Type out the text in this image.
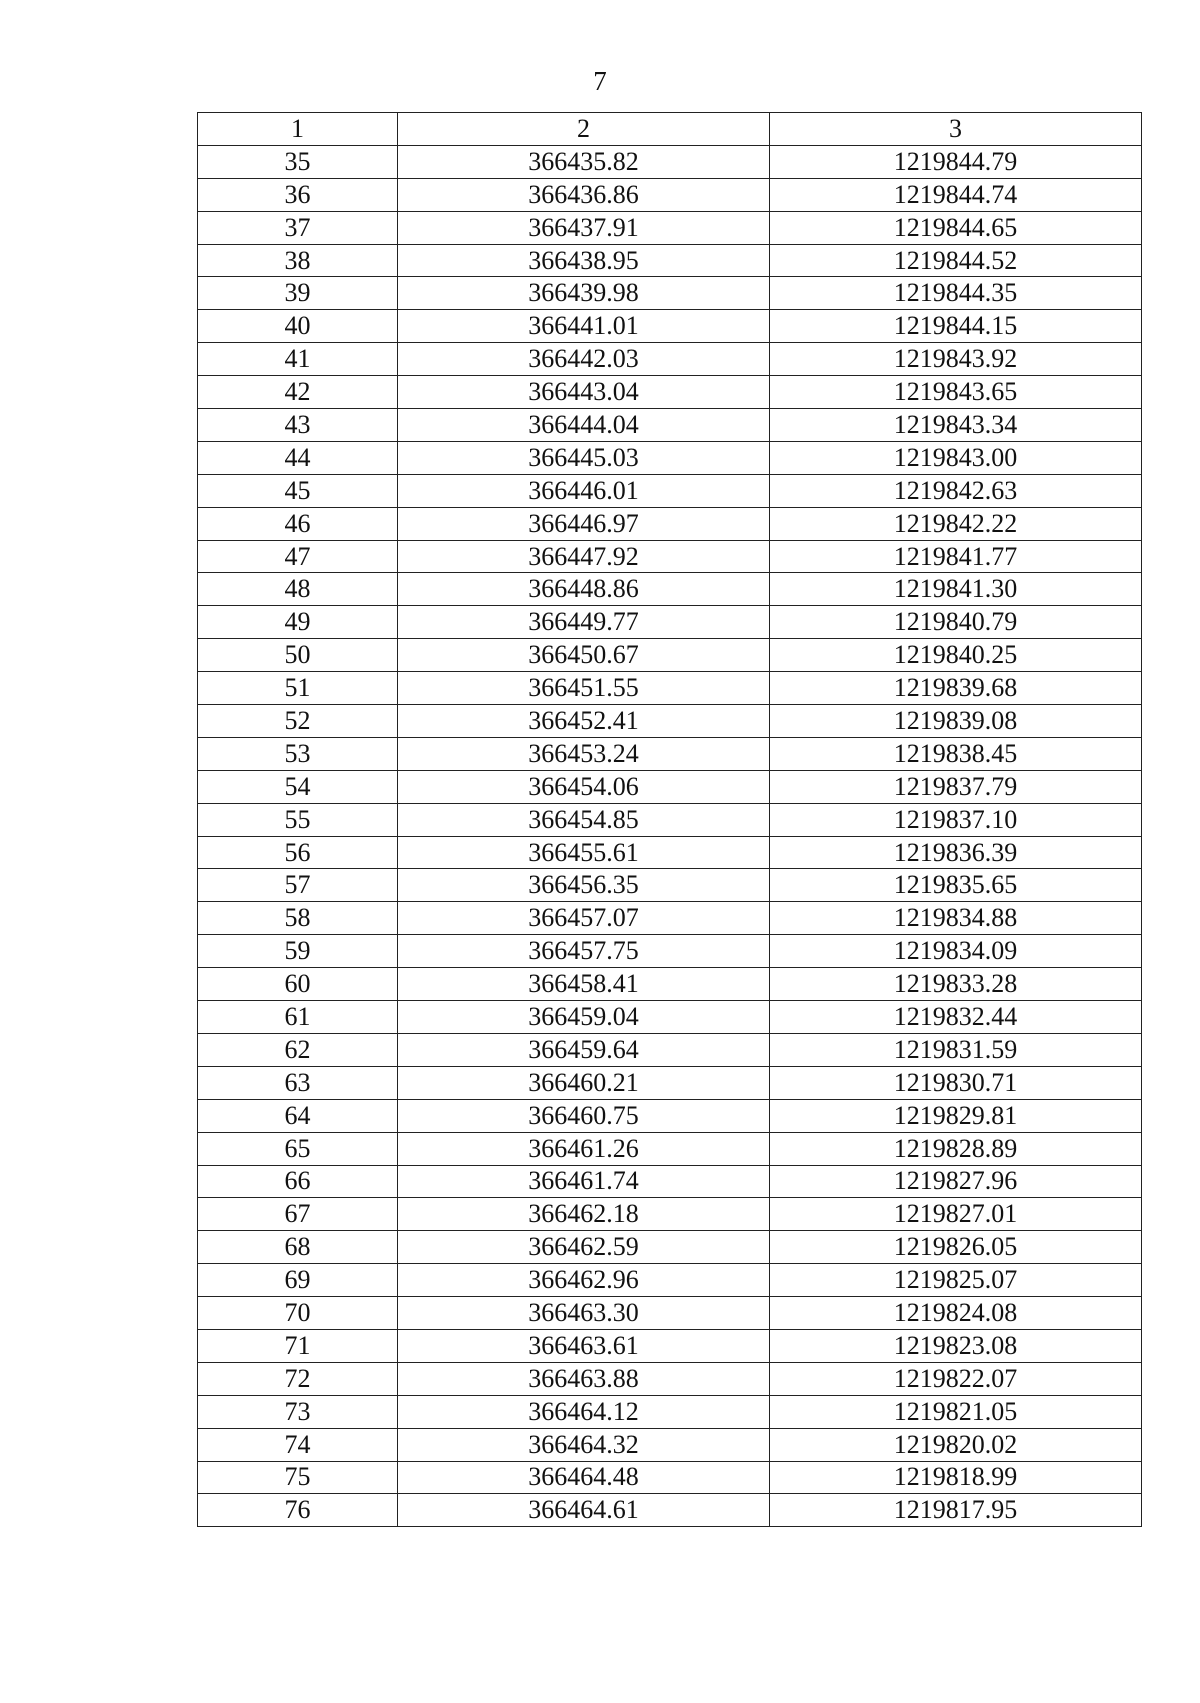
7
1	2	3
35	366435.82	1219844.79
36	366436.86	1219844.74
37	366437.91	1219844.65
38	366438.95	1219844.52
39	366439.98	1219844.35
40	366441.01	1219844.15
41	366442.03	1219843.92
42	366443.04	1219843.65
43	366444.04	1219843.34
44	366445.03	1219843.00
45	366446.01	1219842.63
46	366446.97	1219842.22
47	366447.92	1219841.77
48	366448.86	1219841.30
49	366449.77	1219840.79
50	366450.67	1219840.25
51	366451.55	1219839.68
52	366452.41	1219839.08
53	366453.24	1219838.45
54	366454.06	1219837.79
55	366454.85	1219837.10
56	366455.61	1219836.39
57	366456.35	1219835.65
58	366457.07	1219834.88
59	366457.75	1219834.09
60	366458.41	1219833.28
61	366459.04	1219832.44
62	366459.64	1219831.59
63	366460.21	1219830.71
64	366460.75	1219829.81
65	366461.26	1219828.89
66	366461.74	1219827.96
67	366462.18	1219827.01
68	366462.59	1219826.05
69	366462.96	1219825.07
70	366463.30	1219824.08
71	366463.61	1219823.08
72	366463.88	1219822.07
73	366464.12	1219821.05
74	366464.32	1219820.02
75	366464.48	1219818.99
76	366464.61	1219817.95
